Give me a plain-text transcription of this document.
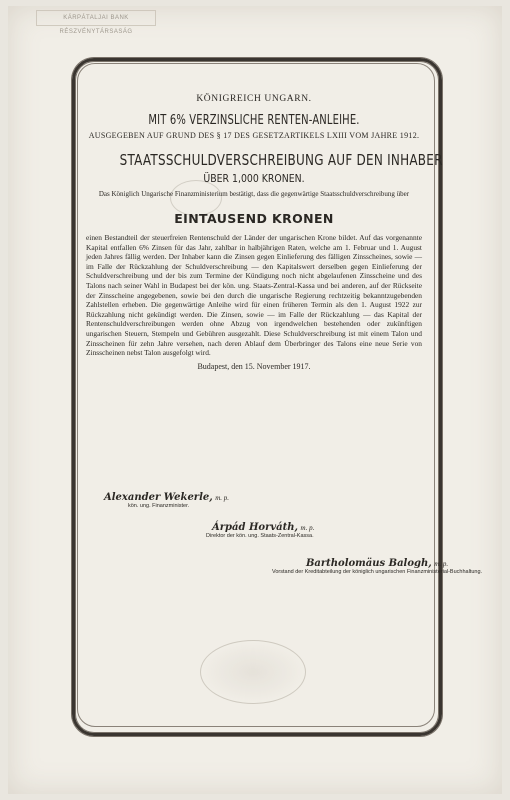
KÁRPÁTALJAI BANK RÉSZVÉNYTÁRSASÁG

KÖNIGREICH UNGARN.

MIT 6% VERZINSLICHE RENTEN-ANLEIHE.

AUSGEGEBEN AUF GRUND DES § 17 DES GESETZARTIKELS LXIII VOM JAHRE 1912.

STAATSSCHULDVERSCHREIBUNG AUF DEN INHABER

ÜBER 1,000 KRONEN.

Das Königlich Ungarische Finanzministerium bestätigt, dass die gegenwärtige Staatsschuldverschreibung über

EINTAUSEND KRONEN

einen Bestandteil der steuerfreien Rentenschuld der Länder der ungarischen Krone bildet. Auf das vorgenannte Kapital entfallen 6% Zinsen für das Jahr, zahlbar in halbjährigen Raten, welche am 1. Februar und 1. August jeden Jahres fällig werden. Der Inhaber kann die Zinsen gegen Einlieferung des fälligen Zinsscheines, sowie — im Falle der Rückzahlung der Schuldverschreibung — den Kapitalswert derselben gegen Einlieferung der Schuldverschreibung und der bis zum Termine der Kündigung noch nicht abgelaufenen Zinsscheine und des Talons nach seiner Wahl in Budapest bei der kön. ung. Staats-Zentral-Kassa und bei anderen, auf der Rückseite der Zinsscheine angegebenen, sowie bei den durch die ungarische Regierung rechtzeitig bekanntzugebenden Zahlstellen erheben. Die gegenwärtige Anleihe wird für einen früheren Termin als den 1. August 1922 zur Rückzahlung nicht gekündigt werden. Die Zinsen, sowie — im Falle der Rückzahlung — das Kapital der Rentenschuldverschreibungen werden ohne Abzug von irgendwelchen bestehenden oder zukünftigen ungarischen Steuern, Stempeln und Gebühren ausgezahlt. Diese Schuldverschreibung ist mit einem Talon und Zinsscheinen für zehn Jahre versehen, nach deren Ablauf dem Überbringer des Talons eine neue Serie von Zinsscheinen nebst Talon ausgefolgt wird.

Budapest, den 15. November 1917.

Alexander Wekerle, m. p.
kön. ung. Finanzminister.
Árpád Horváth, m. p.
Direktor der kön. ung. Staats-Zentral-Kassa.
Bartholomäus Balogh, m. p.
Vorstand der Kreditabteilung der königlich ungarischen Finanzministerial-Buchhaltung.
